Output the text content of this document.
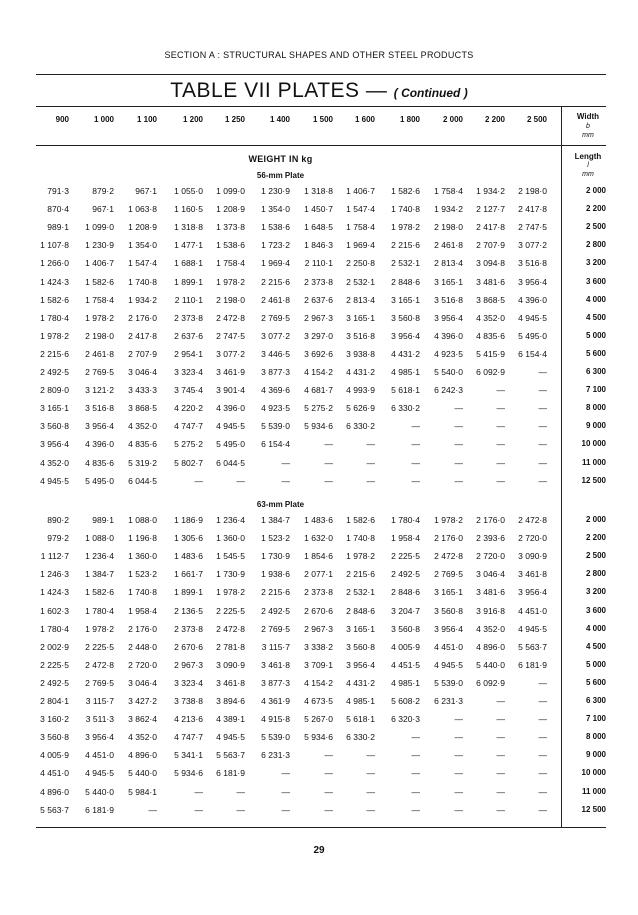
SECTION A : STRUCTURAL SHAPES AND OTHER STEEL PRODUCTS
TABLE VII PLATES — ( Continued )
900	1 000	1 100	1 200	1 250	1 400	1 500	1 600	1 800	2 000	2 200	2 500	Width
b
mm
WEIGHT IN kg	Length
l
mm
56-mm Plate
791·3	879·2	967·1	1 055·0	1 099·0	1 230·9	1 318·8	1 406·7	1 582·6	1 758·4	1 934·2	2 198·0	2 000
870·4	967·1	1 063·8	1 160·5	1 208·9	1 354·0	1 450·7	1 547·4	1 740·8	1 934·2	2 127·7	2 417·8	2 200
989·1	1 099·0	1 208·9	1 318·8	1 373·8	1 538·6	1 648·5	1 758·4	1 978·2	2 198·0	2 417·8	2 747·5	2 500
1 107·8	1 230·9	1 354·0	1 477·1	1 538·6	1 723·2	1 846·3	1 969·4	2 215·6	2 461·8	2 707·9	3 077·2	2 800
1 266·0	1 406·7	1 547·4	1 688·1	1 758·4	1 969·4	2 110·1	2 250·8	2 532·1	2 813·4	3 094·8	3 516·8	3 200
1 424·3	1 582·6	1 740·8	1 899·1	1 978·2	2 215·6	2 373·8	2 532·1	2 848·6	3 165·1	3 481·6	3 956·4	3 600
1 582·6	1 758·4	1 934·2	2 110·1	2 198·0	2 461·8	2 637·6	2 813·4	3 165·1	3 516·8	3 868·5	4 396·0	4 000
1 780·4	1 978·2	2 176·0	2 373·8	2 472·8	2 769·5	2 967·3	3 165·1	3 560·8	3 956·4	4 352·0	4 945·5	4 500
1 978·2	2 198·0	2 417·8	2 637·6	2 747·5	3 077·2	3 297·0	3 516·8	3 956·4	4 396·0	4 835·6	5 495·0	5 000
2 215·6	2 461·8	2 707·9	2 954·1	3 077·2	3 446·5	3 692·6	3 938·8	4 431·2	4 923·5	5 415·9	6 154·4	5 600
2 492·5	2 769·5	3 046·4	3 323·4	3 461·9	3 877·3	4 154·2	4 431·2	4 985·1	5 540·0	6 092·9	—	6 300
2 809·0	3 121·2	3 433·3	3 745·4	3 901·4	4 369·6	4 681·7	4 993·9	5 618·1	6 242·3	—	—	7 100
3 165·1	3 516·8	3 868·5	4 220·2	4 396·0	4 923·5	5 275·2	5 626·9	6 330·2	—	—	—	8 000
3 560·8	3 956·4	4 352·0	4 747·7	4 945·5	5 539·0	5 934·6	6 330·2	—	—	—	—	9 000
3 956·4	4 396·0	4 835·6	5 275·2	5 495·0	6 154·4	—	—	—	—	—	—	10 000
4 352·0	4 835·6	5 319·2	5 802·7	6 044·5	—	—	—	—	—	—	—	11 000
4 945·5	5 495·0	6 044·5	—	—	—	—	—	—	—	—	—	12 500
63-mm Plate
890·2	989·1	1 088·0	1 186·9	1 236·4	1 384·7	1 483·6	1 582·6	1 780·4	1 978·2	2 176·0	2 472·8	2 000
979·2	1 088·0	1 196·8	1 305·6	1 360·0	1 523·2	1 632·0	1 740·8	1 958·4	2 176·0	2 393·6	2 720·0	2 200
1 112·7	1 236·4	1 360·0	1 483·6	1 545·5	1 730·9	1 854·6	1 978·2	2 225·5	2 472·8	2 720·0	3 090·9	2 500
1 246·3	1 384·7	1 523·2	1 661·7	1 730·9	1 938·6	2 077·1	2 215·6	2 492·5	2 769·5	3 046·4	3 461·8	2 800
1 424·3	1 582·6	1 740·8	1 899·1	1 978·2	2 215·6	2 373·8	2 532·1	2 848·6	3 165·1	3 481·6	3 956·4	3 200
1 602·3	1 780·4	1 958·4	2 136·5	2 225·5	2 492·5	2 670·6	2 848·6	3 204·7	3 560·8	3 916·8	4 451·0	3 600
1 780·4	1 978·2	2 176·0	2 373·8	2 472·8	2 769·5	2 967·3	3 165·1	3 560·8	3 956·4	4 352·0	4 945·5	4 000
2 002·9	2 225·5	2 448·0	2 670·6	2 781·8	3 115·7	3 338·2	3 560·8	4 005·9	4 451·0	4 896·0	5 563·7	4 500
2 225·5	2 472·8	2 720·0	2 967·3	3 090·9	3 461·8	3 709·1	3 956·4	4 451·5	4 945·5	5 440·0	6 181·9	5 000
2 492·5	2 769·5	3 046·4	3 323·4	3 461·8	3 877·3	4 154·2	4 431·2	4 985·1	5 539·0	6 092·9	—	5 600
2 804·1	3 115·7	3 427·2	3 738·8	3 894·6	4 361·9	4 673·5	4 985·1	5 608·2	6 231·3	—	—	6 300
3 160·2	3 511·3	3 862·4	4 213·6	4 389·1	4 915·8	5 267·0	5 618·1	6 320·3	—	—	—	7 100
3 560·8	3 956·4	4 352·0	4 747·7	4 945·5	5 539·0	5 934·6	6 330·2	—	—	—	—	8 000
4 005·9	4 451·0	4 896·0	5 341·1	5 563·7	6 231·3	—	—	—	—	—	—	9 000
4 451·0	4 945·5	5 440·0	5 934·6	6 181·9	—	—	—	—	—	—	—	10 000
4 896·0	5 440·0	5 984·1	—	—	—	—	—	—	—	—	—	11 000
5 563·7	6 181·9	—	—	—	—	—	—	—	—	—	—	12 500
29
